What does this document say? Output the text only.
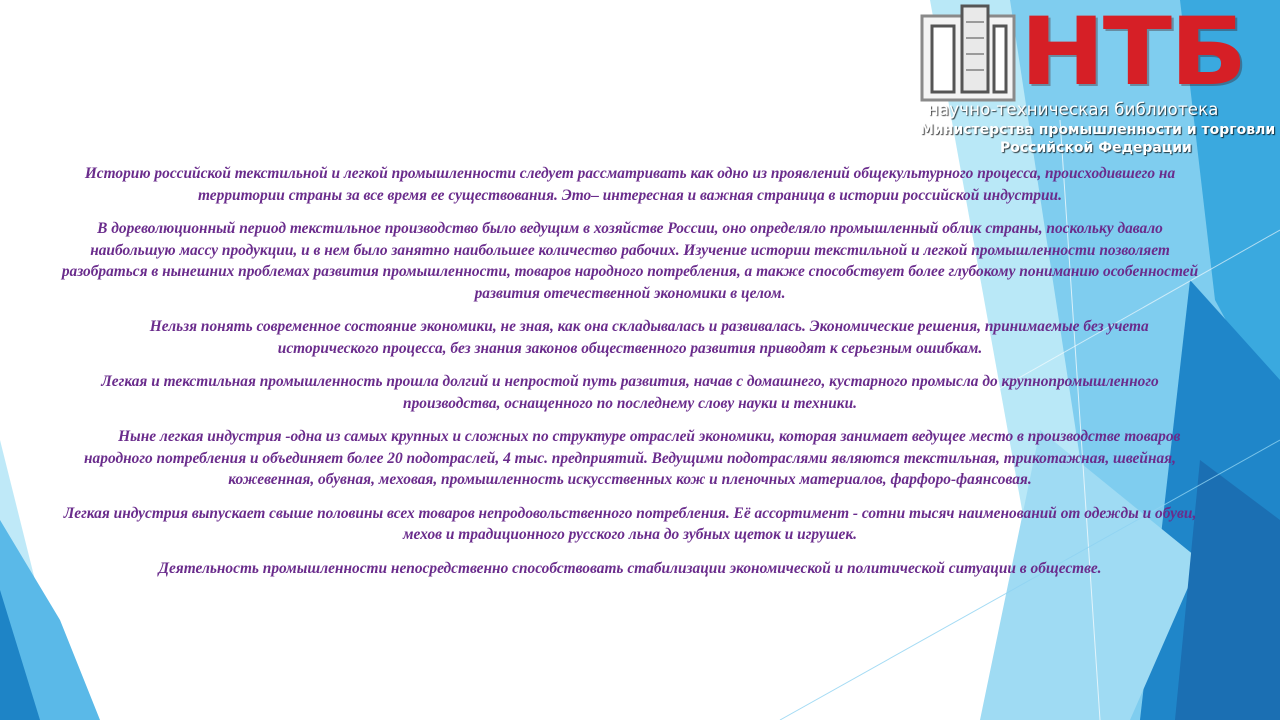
НТБ
научно-техническая библиотека
Министерства промышленности и торговли
Российской Федерации

Историю российской текстильной и легкой промышленности следует рассматривать как одно из проявлений общекультурного процесса, происходившего на территории страны за все время ее существования. Это– интересная и важная страница в истории российской индустрии.

В дореволюционный период текстильное производство было ведущим в хозяйстве России, оно определяло промышленный облик страны, поскольку давало наибольшую массу продукции, и в нем было занятно наибольшее количество рабочих. Изучение истории текстильной и легкой промышленности позволяет разобраться в нынешних проблемах развития промышленности, товаров народного потребления, а также способствует более глубокому пониманию особенностей развития отечественной экономики в целом.

Нельзя понять современное состояние экономики, не зная, как она складывалась и развивалась. Экономические решения, принимаемые без учета исторического процесса, без знания законов общественного развития приводят к серьезным ошибкам.

Легкая и текстильная промышленность прошла долгий и непростой путь развития, начав с домашнего, кустарного промысла до крупнопромышленного производства, оснащенного по последнему слову науки и техники.

Ныне легкая индустрия -одна из самых крупных и сложных по структуре отраслей экономики, которая занимает ведущее место в производстве товаров народного потребления и объединяет более 20 подотраслей, 4 тыс. предприятий. Ведущими подотраслями являются текстильная, трикотажная, швейная, кожевенная, обувная, меховая, промышленность искусственных кож и пленочных материалов, фарфоро-фаянсовая.

Легкая индустрия выпускает свыше половины всех товаров непродовольственного потребления. Её ассортимент - сотни тысяч наименований от одежды и обуви, мехов и традиционного русского льна до зубных щеток и игрушек.

Деятельность промышленности непосредственно способствовать стабилизации экономической и политической ситуации в обществе.
